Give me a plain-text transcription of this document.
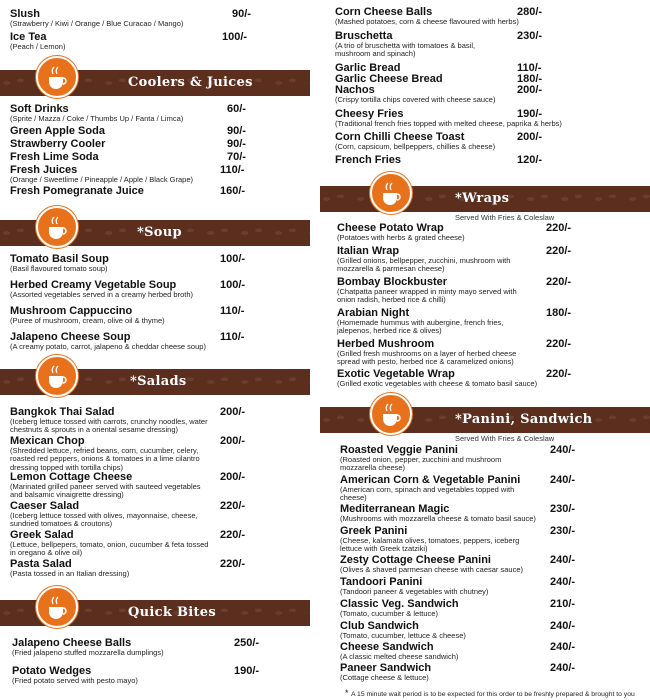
Slush
(Strawberry / Kiwi / Orange / Blue Curacao / Mango)
90/-
Ice Tea
(Peach / Lemon)
100/-
Coolers & Juices
Soft Drinks
(Sprite / Mazza / Coke / Thumbs Up / Fanta / Limca)
60/-
Green Apple Soda	90/-
Strawberry Cooler	90/-
Fresh Lime Soda	70/-
Fresh Juices
(Orange / Sweetlime / Pineapple / Apple / Black Grape)
110/-
Fresh Pomegranate Juice	160/-
*Soup
Tomato Basil Soup
(Basil flavoured tomato soup)
100/-
Herbed Creamy Vegetable Soup
(Assorted vegetables served in a creamy herbed broth)
100/-
Mushroom Cappuccino
(Puree of mushroom, cream, olive oil & thyme)
110/-
Jalapeno Cheese Soup
(A creamy potato, carrot, jalapeno & cheddar cheese soup)
110/-
*Salads
Bangkok Thai Salad
(Iceberg lettuce tossed with carrots, crunchy noodles, water chestnuts & sprouts in a oriental sesame dressing)
200/-
Mexican Chop
(Shredded lettuce, refried beans, corn, cucumber, celery, roasted red peppers, onions & tomatoes in a lime cilantro dressing topped with tortilla chips)
200/-
Lemon Cottage Cheese
(Marinated grilled paneer served with sauteed vegetables and balsamic vinaigrette dressing)
200/-
Caeser Salad
(Iceberg lettuce tossed with olives, mayonnaise, cheese, sundried tomatoes & croutons)
220/-
Greek Salad
(Lettuce, bellpepers, tomato, onion, cucumber & feta tossed in oregano & olive oil)
220/-
Pasta Salad
(Pasta tossed in an Italian dressing)
220/-
Quick Bites
Jalapeno Cheese Balls
(Fried jalapeno stuffed mozzarella dumplings)
250/-
Potato Wedges
(Fried potato served with pesto mayo)
190/-
Corn Cheese Balls
(Mashed potatoes, corn & cheese flavoured with herbs)
280/-
Bruschetta
(A trio of bruschetta with tomatoes & basil, mushroom and spinach)
230/-
Garlic Bread	110/-
Garlic Cheese Bread	180/-
Nachos
(Crispy tortilla chips covered with cheese sauce)
200/-
Cheesy Fries
(Traditional french fries topped with melted cheese, paprika & herbs)
190/-
Corn Chilli Cheese Toast
(Corn, capsicum, bellpeppers, chillies & cheese)
200/-
French Fries	120/-
*Wraps
Served With Fries & Coleslaw
Cheese Potato Wrap
(Potatoes with herbs & grated cheese)
220/-
Italian Wrap
(Grilled onions, bellpepper, zucchini, mushroom with mozzarella & parmesan cheese)
220/-
Bombay Blockbuster
(Chatpatta paneer wrapped in minty mayo served with onion radish, herbed rice & chilli)
220/-
Arabian Night
(Homemade hummus with aubergine, french fries, jalepenos, herbed rice & olives)
180/-
Herbed Mushroom
(Grilled fresh mushrooms on a layer of herbed cheese spread with pesto, herbed rice & caramelized onions)
220/-
Exotic Vegetable Wrap
(Grilled exotic vegetables with cheese & tomato basil sauce)
220/-
*Panini, Sandwich
Served With Fries & Coleslaw
Roasted Veggie Panini
(Roasted onion, pepper, zucchini and mushroom mozzarella cheese)
240/-
American Corn & Vegetable Panini
(American corn, spinach and vegetables topped with cheese)
240/-
Mediterranean Magic
(Mushrooms with mozzarella cheese & tomato basil sauce)
230/-
Greek Panini
(Cheese, kalamata olives, tomatoes, peppers, iceberg lettuce with Greek tzatziki)
230/-
Zesty Cottage Cheese Panini
(Olives & shaved parmesan cheese with caesar sauce)
240/-
Tandoori Panini
(Tandoori paneer & vegetables with chutney)
240/-
Classic Veg. Sandwich
(Tomato, cucumber & lettuce)
210/-
Club Sandwich
(Tomato, cucumber, lettuce & cheese)
240/-
Cheese Sandwich
(A classic melted cheese sandwich)
240/-
Paneer Sandwich
(Cottage cheese & lettuce)
240/-
* A 15 minute wait period is to be expected for this order to be freshly prepared & brought to you
